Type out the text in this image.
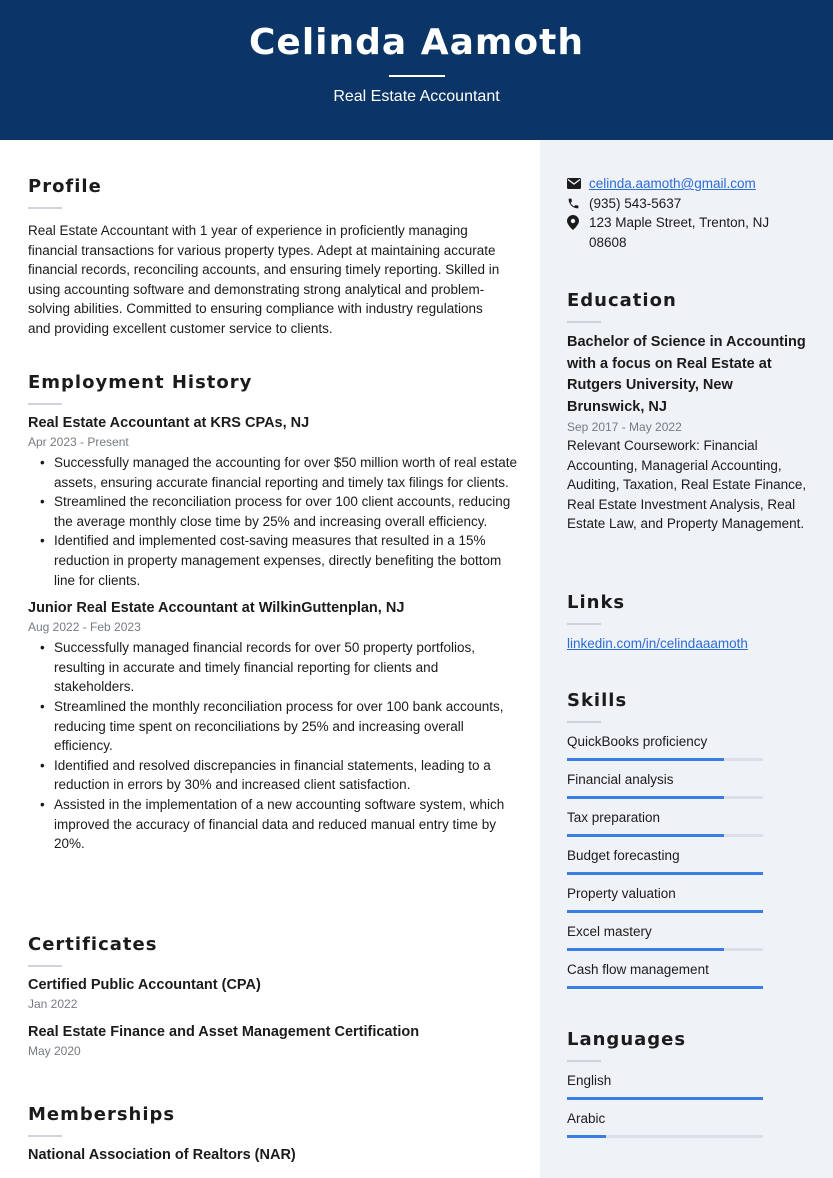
Celinda Aamoth
Real Estate Accountant
Profile
Real Estate Accountant with 1 year of experience in proficiently managing financial transactions for various property types. Adept at maintaining accurate financial records, reconciling accounts, and ensuring timely reporting. Skilled in using accounting software and demonstrating strong analytical and problem-solving abilities. Committed to ensuring compliance with industry regulations and providing excellent customer service to clients.
Employment History
Real Estate Accountant at KRS CPAs, NJ
Apr 2023 - Present
• Successfully managed the accounting for over $50 million worth of real estate assets, ensuring accurate financial reporting and timely tax filings for clients.
• Streamlined the reconciliation process for over 100 client accounts, reducing the average monthly close time by 25% and increasing overall efficiency.
• Identified and implemented cost-saving measures that resulted in a 15% reduction in property management expenses, directly benefiting the bottom line for clients.
Junior Real Estate Accountant at WilkinGuttenplan, NJ
Aug 2022 - Feb 2023
• Successfully managed financial records for over 50 property portfolios, resulting in accurate and timely financial reporting for clients and stakeholders.
• Streamlined the monthly reconciliation process for over 100 bank accounts, reducing time spent on reconciliations by 25% and increasing overall efficiency.
• Identified and resolved discrepancies in financial statements, leading to a reduction in errors by 30% and increased client satisfaction.
• Assisted in the implementation of a new accounting software system, which improved the accuracy of financial data and reduced manual entry time by 20%.
Certificates
Certified Public Accountant (CPA)
Jan 2022
Real Estate Finance and Asset Management Certification
May 2020
Memberships
National Association of Realtors (NAR)
celinda.aamoth@gmail.com
(935) 543-5637
123 Maple Street, Trenton, NJ 08608
Education
Bachelor of Science in Accounting with a focus on Real Estate at Rutgers University, New Brunswick, NJ
Sep 2017 - May 2022
Relevant Coursework: Financial Accounting, Managerial Accounting, Auditing, Taxation, Real Estate Finance, Real Estate Investment Analysis, Real Estate Law, and Property Management.
Links
linkedin.com/in/celindaaamoth
Skills
QuickBooks proficiency
Financial analysis
Tax preparation
Budget forecasting
Property valuation
Excel mastery
Cash flow management
Languages
English
Arabic
